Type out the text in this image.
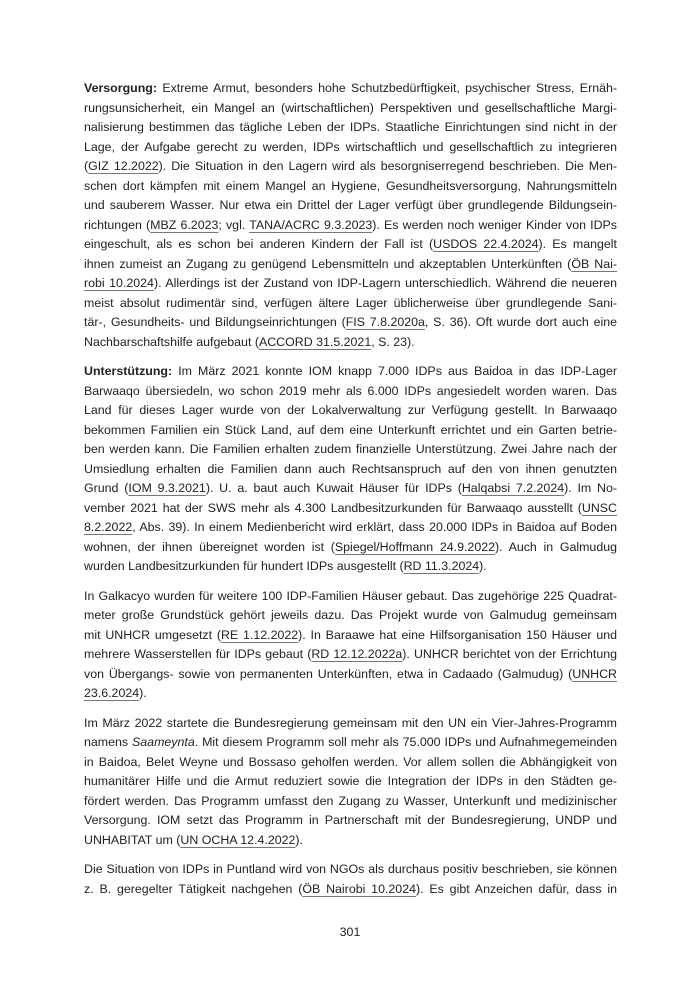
Versorgung: Extreme Armut, besonders hohe Schutzbedürftigkeit, psychischer Stress, Ernäh-
rungsunsicherheit, ein Mangel an (wirtschaftlichen) Perspektiven und gesellschaftliche Margi-
nalisierung bestimmen das tägliche Leben der IDPs. Staatliche Einrichtungen sind nicht in der
Lage, der Aufgabe gerecht zu werden, IDPs wirtschaftlich und gesellschaftlich zu integrieren
(GIZ 12.2022). Die Situation in den Lagern wird als besorgniserregend beschrieben. Die Men-
schen dort kämpfen mit einem Mangel an Hygiene, Gesundheitsversorgung, Nahrungsmitteln
und sauberem Wasser. Nur etwa ein Drittel der Lager verfügt über grundlegende Bildungsein-
richtungen (MBZ 6.2023; vgl. TANA/ACRC 9.3.2023). Es werden noch weniger Kinder von IDPs
eingeschult, als es schon bei anderen Kindern der Fall ist (USDOS 22.4.2024). Es mangelt
ihnen zumeist an Zugang zu genügend Lebensmitteln und akzeptablen Unterkünften (ÖB Nai-
robi 10.2024). Allerdings ist der Zustand von IDP-Lagern unterschiedlich. Während die neueren
meist absolut rudimentär sind, verfügen ältere Lager üblicherweise über grundlegende Sani-
tär-, Gesundheits- und Bildungseinrichtungen (FIS 7.8.2020a, S. 36). Oft wurde dort auch eine
Nachbarschaftshilfe aufgebaut (ACCORD 31.5.2021, S. 23).
Unterstützung: Im März 2021 konnte IOM knapp 7.000 IDPs aus Baidoa in das IDP-Lager
Barwaaqo übersiedeln, wo schon 2019 mehr als 6.000 IDPs angesiedelt worden waren. Das
Land für dieses Lager wurde von der Lokalverwaltung zur Verfügung gestellt. In Barwaaqo
bekommen Familien ein Stück Land, auf dem eine Unterkunft errichtet und ein Garten betrie-
ben werden kann. Die Familien erhalten zudem finanzielle Unterstützung. Zwei Jahre nach der
Umsiedlung erhalten die Familien dann auch Rechtsanspruch auf den von ihnen genutzten
Grund (IOM 9.3.2021). U. a. baut auch Kuwait Häuser für IDPs (Halqabsi 7.2.2024). Im No-
vember 2021 hat der SWS mehr als 4.300 Landbesitzurkunden für Barwaaqo ausstellt (UNSC
8.2.2022, Abs. 39). In einem Medienbericht wird erklärt, dass 20.000 IDPs in Baidoa auf Boden
wohnen, der ihnen übereignet worden ist (Spiegel/Hoffmann 24.9.2022). Auch in Galmudug
wurden Landbesitzurkunden für hundert IDPs ausgestellt (RD 11.3.2024).
In Galkacyo wurden für weitere 100 IDP-Familien Häuser gebaut. Das zugehörige 225 Quadrat-
meter große Grundstück gehört jeweils dazu. Das Projekt wurde von Galmudug gemeinsam
mit UNHCR umgesetzt (RE 1.12.2022). In Baraawe hat eine Hilfsorganisation 150 Häuser und
mehrere Wasserstellen für IDPs gebaut (RD 12.12.2022a). UNHCR berichtet von der Errichtung
von Übergangs- sowie von permanenten Unterkünften, etwa in Cadaado (Galmudug) (UNHCR
23.6.2024).
Im März 2022 startete die Bundesregierung gemeinsam mit den UN ein Vier-Jahres-Programm
namens Saameynta. Mit diesem Programm soll mehr als 75.000 IDPs und Aufnahmegemeinden
in Baidoa, Belet Weyne und Bossaso geholfen werden. Vor allem sollen die Abhängigkeit von
humanitärer Hilfe und die Armut reduziert sowie die Integration der IDPs in den Städten ge-
fördert werden. Das Programm umfasst den Zugang zu Wasser, Unterkunft und medizinischer
Versorgung. IOM setzt das Programm in Partnerschaft mit der Bundesregierung, UNDP und
UNHABITAT um (UN OCHA 12.4.2022).
Die Situation von IDPs in Puntland wird von NGOs als durchaus positiv beschrieben, sie können
z. B. geregelter Tätigkeit nachgehen (ÖB Nairobi 10.2024). Es gibt Anzeichen dafür, dass in
301
